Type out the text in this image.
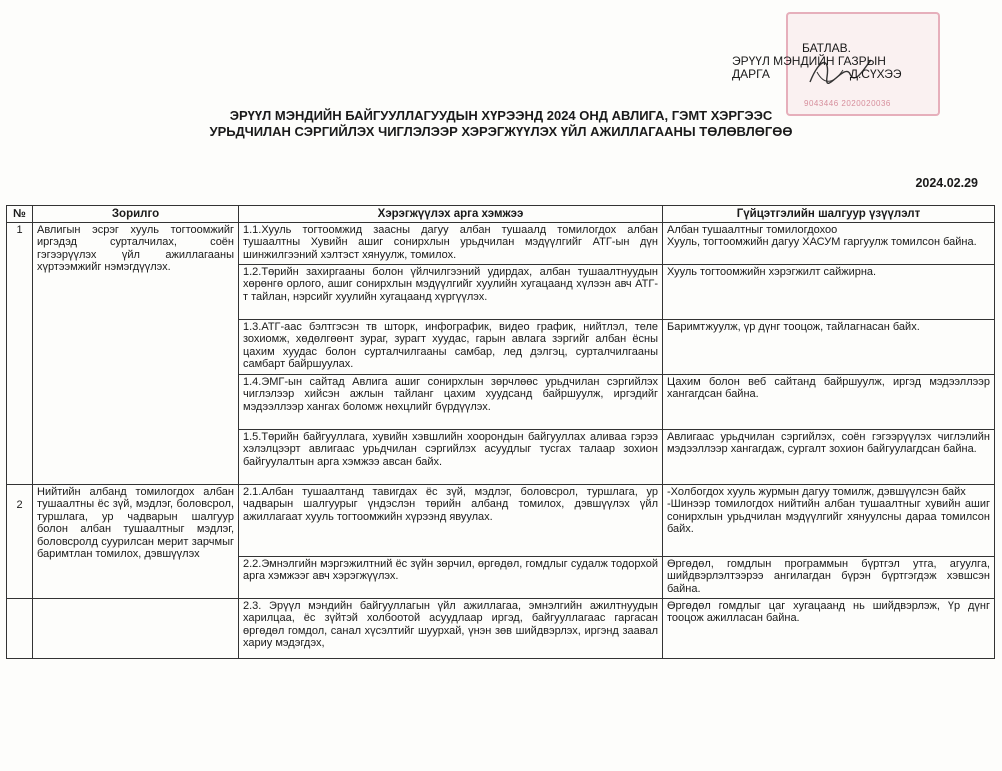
9043446 2020020036
БАТЛАВ.
ЭРҮҮЛ МЭНДИЙН ГАЗРЫН
ДАРГА	Д.СҮХЭЭ
ЭРҮҮЛ МЭНДИЙН БАЙГУУЛЛАГУУДЫН ХҮРЭЭНД 2024 ОНД АВЛИГА, ГЭМТ ХЭРГЭЭС
УРЬДЧИЛАН СЭРГИЙЛЭХ ЧИГЛЭЛЭЭР ХЭРЭГЖҮҮЛЭХ ҮЙЛ АЖИЛЛАГААНЫ ТӨЛӨВЛӨГӨӨ
2024.02.29
№	Зорилго	Хэрэгжүүлэх арга хэмжээ	Гүйцэтгэлийн шалгуур үзүүлэлт
1	Авлигын эсрэг хууль тогтоомжийг иргэдэд сурталчилах, соён гэгээрүүлэх үйл ажиллагааны хүртээмжийг нэмэгдүүлэх.	1.1.Хууль тогтоомжид заасны дагуу албан тушаалд томилогдох албан тушаалтны Хувийн ашиг сонирхлын урьдчилан мэдүүлгийг АТГ-ын дүн шинжилгээний хэлтэст хянуулж, томилох.	Албан тушаалтныг томилогдохоо
Хууль, тогтоомжийн дагуу ХАСУМ гаргуулж томилсон байна.
		1.2.Төрийн захиргааны болон үйлчилгээний удирдах, албан тушаалтнуудын хөрөнгө орлого, ашиг сонирхлын мэдүүлгийг хуулийн хугацаанд хүлээн авч АТГ-т тайлан, нэрсийг хуулийн хугацаанд хүргүүлэх.	Хууль тогтоомжийн хэрэгжилт сайжирна.
		1.3.АТГ-аас бэлтгэсэн тв шторк, инфографик, видео график, нийтлэл, теле зохиомж, хөдөлгөөнт зураг, зурагт хуудас, гарын авлага зэргийг албан ёсны цахим хуудас болон сурталчилгааны самбар, лед дэлгэц, сурталчилгааны самбарт байршуулах.	Баримтжуулж, үр дүнг тооцож, тайлагнасан байх.
		1.4.ЭМГ-ын сайтад Авлига ашиг сонирхлын зөрчлөөс урьдчилан сэргийлэх чиглэлээр хийсэн ажлын тайланг цахим хуудсанд байршуулж, иргэдийг мэдээллээр хангах боломж нөхцлийг бүрдүүлэх.	Цахим болон веб сайтанд байршуулж, иргэд мэдээллээр хангагдсан байна.
		1.5.Төрийн байгууллага, хувийн хэвшлийн хоорондын байгууллах аливаа гэрээ хэлэлцээрт авлигаас урьдчилан сэргийлэх асуудлыг тусгах талаар зохион байгуулалтын арга хэмжээ авсан байх.	Авлигаас урьдчилан сэргийлэх, соён гэгээрүүлэх чиглэлийн мэдээллээр хангагдаж, сургалт зохион байгуулагдсан байна.
2	Нийтийн албанд томилогдох албан тушаалтны ёс зүй, мэдлэг, боловсрол, туршлага, ур чадварын шалгуур болон албан тушаалтныг мэдлэг, боловсролд суурилсан мерит зарчмыг баримтлан томилох, дэвшүүлэх	2.1.Албан тушаалтанд тавигдах ёс зүй, мэдлэг, боловсрол, туршлага, ур чадварын шалгуурыг үндэслэн төрийн албанд томилох, дэвшүүлэх үйл ажиллагаат хууль тогтоомжийн хүрээнд явуулах.	-Холбогдох хууль журмын дагуу томилж, дэвшүүлсэн байх
-Шинээр томилогдох нийтийн албан тушаалтныг хувийн ашиг сонирхлын урьдчилан мэдүүлгийг хянуулсны дараа томилсон байх.
		2.2.Эмнэлгийн мэргэжилтний ёс зүйн зөрчил, өргөдөл, гомдлыг судалж тодорхой арга хэмжээг авч хэрэгжүүлэх.	Өргөдөл, гомдлын программын бүртгэл утга, агуулга, шийдвэрлэлтээрээ ангилагдан бүрэн бүртгэгдэж хэвшсэн байна.
		2.3. Эрүүл мэндийн байгууллагын үйл ажиллагаа, эмнэлгийн ажилтнуудын харилцаа, ёс зүйтэй холбоотой асуудлаар иргэд, байгууллагаас гаргасан өргөдөл гомдол, санал хүсэлтийг шуурхай, үнэн зөв шийдвэрлэх, иргэнд заавал хариу мэдэгдэх,	Өргөдөл гомдлыг цаг хугацаанд нь шийдвэрлэж, Үр дүнг тооцож ажилласан байна.
